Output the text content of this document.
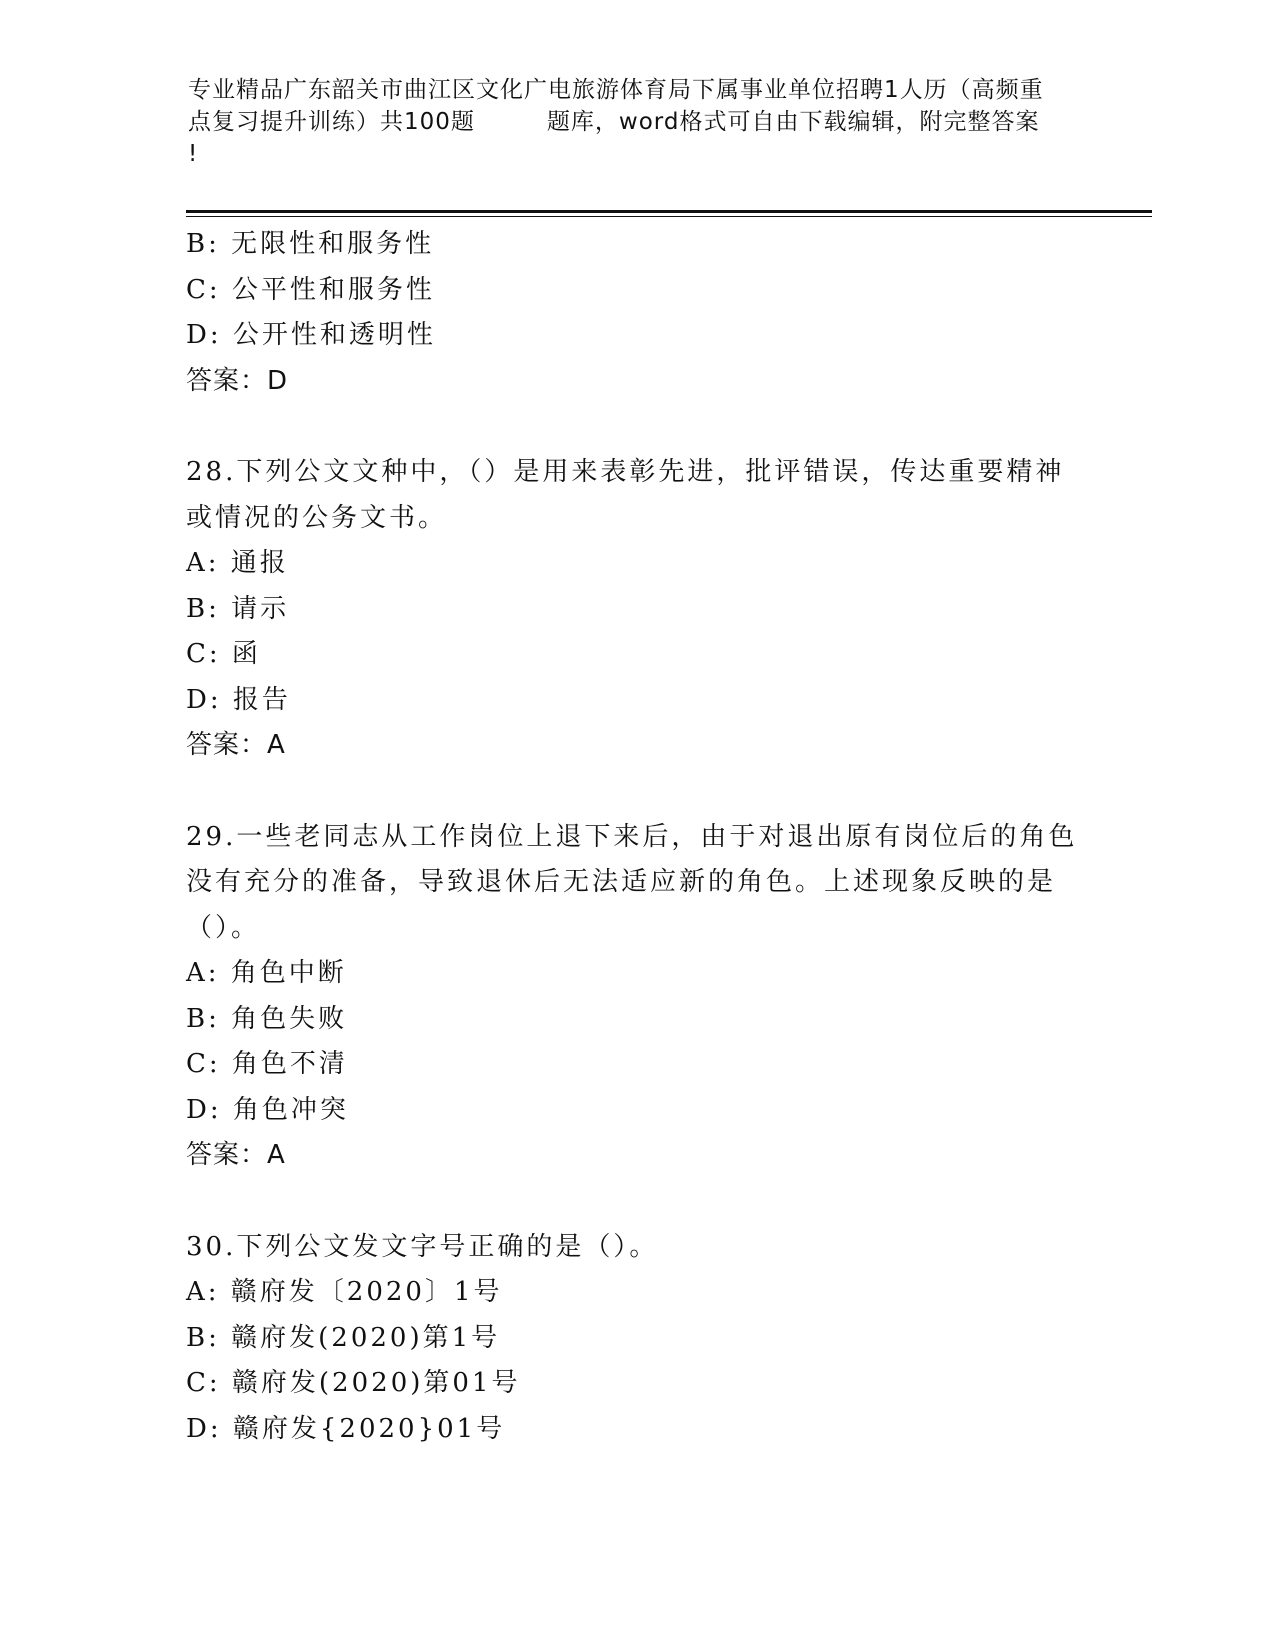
专业精品广东韶关市曲江区文化广电旅游体育局下属事业单位招聘1人历（高频重
点复习提升训练）共100题	题库，word格式可自由下载编辑，附完整答案
!
B: 无限性和服务性
C: 公平性和服务性
D: 公开性和透明性
答案：D
28.下列公文文种中，（）是用来表彰先进，批评错误，传达重要精神
或情况的公务文书。
A: 通报
B: 请示
C: 函
D: 报告
答案：A
29.一些老同志从工作岗位上退下来后，由于对退出原有岗位后的角色
没有充分的准备，导致退休后无法适应新的角色。上述现象反映的是
（）。
A: 角色中断
B: 角色失败
C: 角色不清
D: 角色冲突
答案：A
30.下列公文发文字号正确的是（）。
A: 赣府发〔2020〕1号
B: 赣府发(2020)第1号
C: 赣府发(2020)第01号
D: 赣府发{2020}01号
